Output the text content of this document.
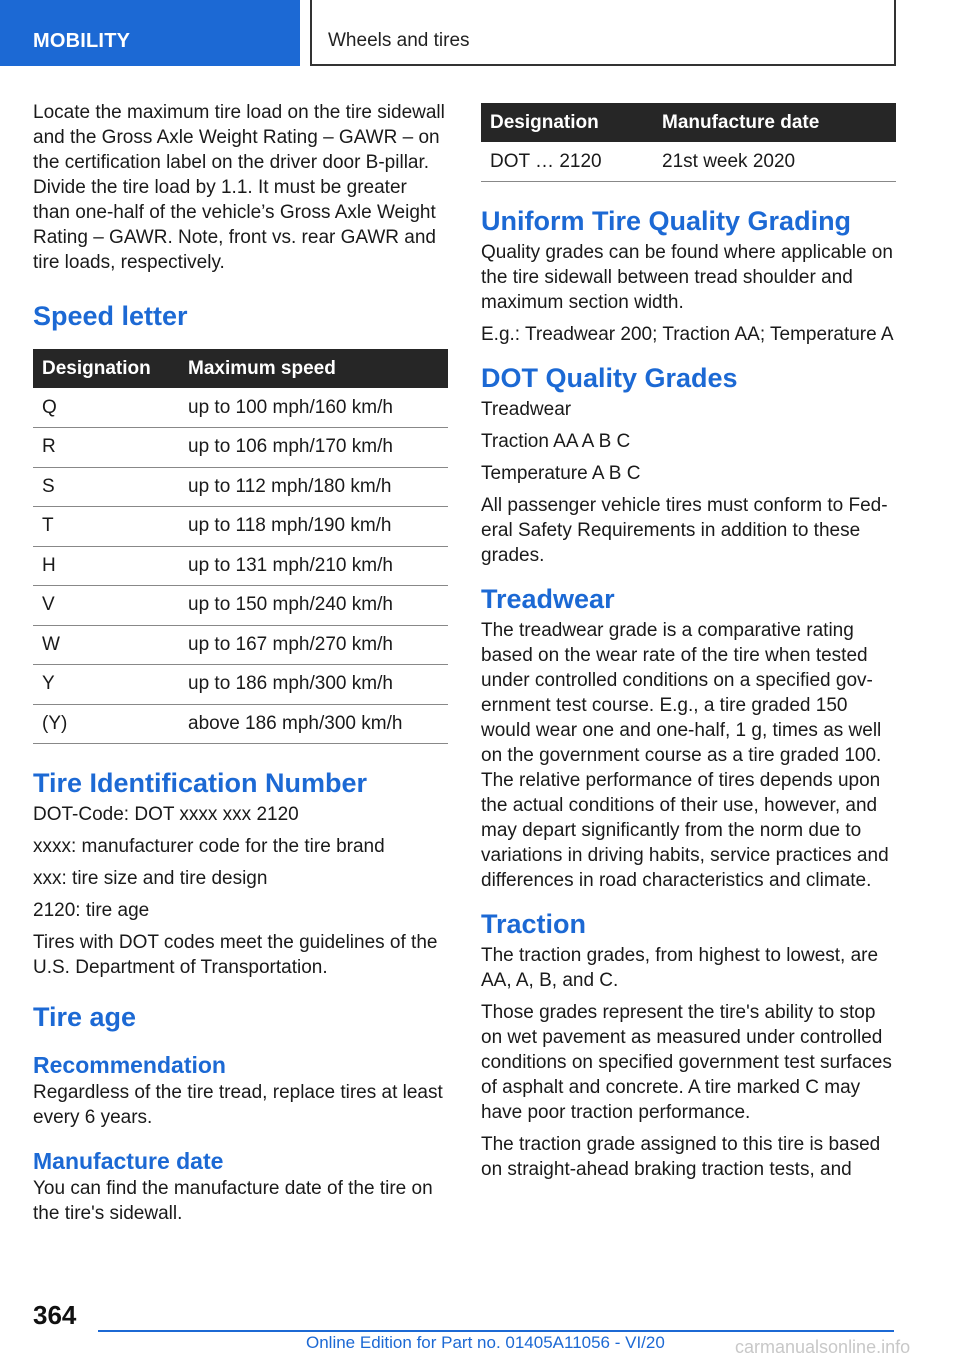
MOBILITY	Wheels and tires

Locate the maximum tire load on the tire sidewall and the Gross Axle Weight Rating – GAWR – on the certification label on the driver door B-pillar. Divide the tire load by 1.1. It must be greater than one-half of the vehicle’s Gross Axle Weight Rating – GAWR. Note, front vs. rear GAWR and tire loads, respectively.

Speed letter
Designation	Maximum speed
Q	up to 100 mph/160 km/h
R	up to 106 mph/170 km/h
S	up to 112 mph/180 km/h
T	up to 118 mph/190 km/h
H	up to 131 mph/210 km/h
V	up to 150 mph/240 km/h
W	up to 167 mph/270 km/h
Y	up to 186 mph/300 km/h
(Y)	above 186 mph/300 km/h
Tire Identification Number

DOT-Code: DOT xxxx xxx 2120

xxxx: manufacturer code for the tire brand

xxx: tire size and tire design

2120: tire age

Tires with DOT codes meet the guidelines of the U.S. Department of Transportation.

Tire age
Recommendation

Regardless of the tire tread, replace tires at least every 6 years.

Manufacture date

You can find the manufacture date of the tire on the tire's sidewall.

Designation	Manufacture date
DOT … 2120	21st week 2020
Uniform Tire Quality Grading

Quality grades can be found where applicable on the tire sidewall between tread shoulder and maximum section width.

E.g.: Treadwear 200; Traction AA; Temperature A

DOT Quality Grades

Treadwear

Traction AA A B C

Temperature A B C

All passenger vehicle tires must conform to Federal Safety Requirements in addition to these grades.

Treadwear

The treadwear grade is a comparative rating based on the wear rate of the tire when tested under controlled conditions on a specified government test course. E.g., a tire graded 150 would wear one and one-half, 1 g, times as well on the government course as a tire graded 100. The relative performance of tires depends upon the actual conditions of their use, however, and may depart significantly from the norm due to variations in driving habits, service practices and differences in road characteristics and climate.

Traction

The traction grades, from highest to lowest, are AA, A, B, and C.

Those grades represent the tire's ability to stop on wet pavement as measured under controlled conditions on specified government test surfaces of asphalt and concrete. A tire marked C may have poor traction performance.

The traction grade assigned to this tire is based on straight-ahead braking traction tests, and

364
Online Edition for Part no. 01405A11056 - VI/20	carmanualsonline.info
